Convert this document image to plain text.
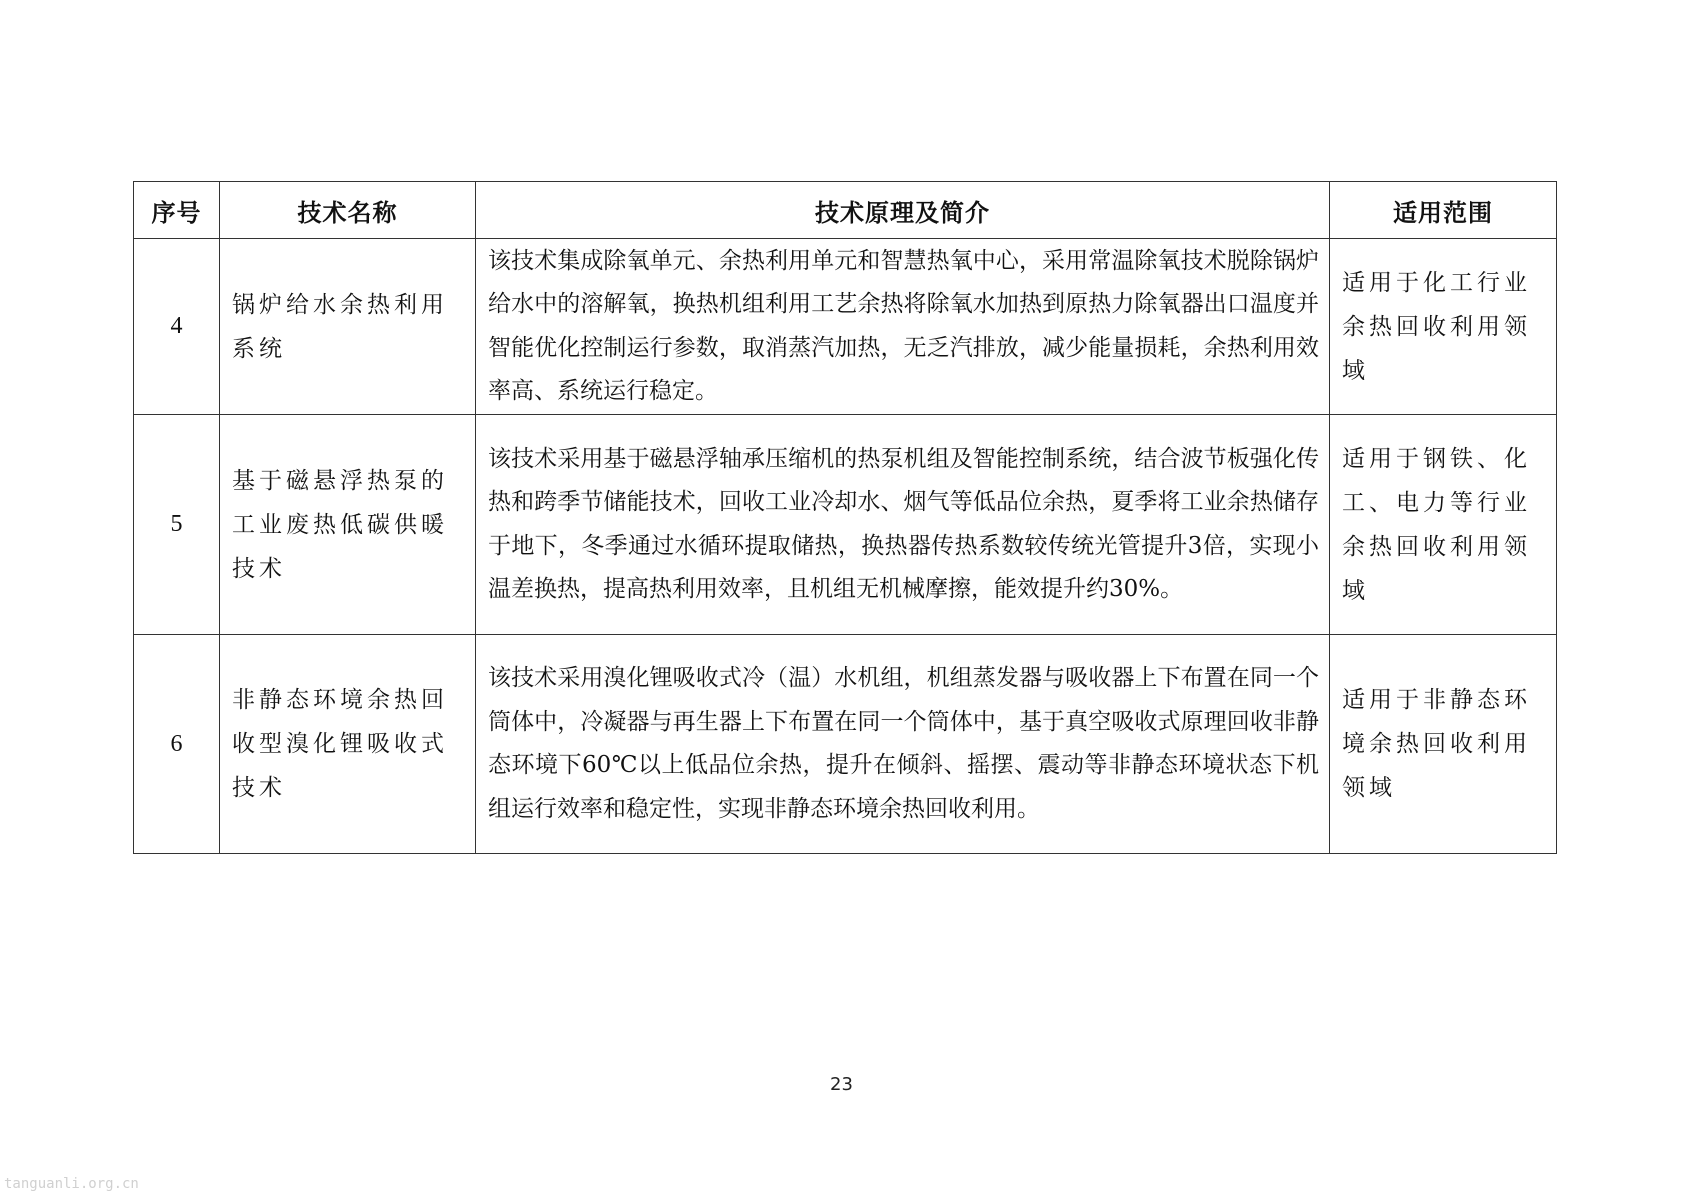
序号	技术名称	技术原理及简介	适用范围
4	锅炉给水余热利用系统	该技术集成除氧单元、余热利用单元和智慧热氧中心，采用常温除氧技术脱除锅炉给水中的溶解氧，换热机组利用工艺余热将除氧水加热到原热力除氧器出口温度并智能优化控制运行参数，取消蒸汽加热，无乏汽排放，减少能量损耗，余热利用效率高、系统运行稳定。	适用于化工行业余热回收利用领域
5	基于磁悬浮热泵的工业废热低碳供暖技术	该技术采用基于磁悬浮轴承压缩机的热泵机组及智能控制系统，结合波节板强化传热和跨季节储能技术，回收工业冷却水、烟气等低品位余热，夏季将工业余热储存于地下，冬季通过水循环提取储热，换热器传热系数较传统光管提升3倍，实现小温差换热，提高热利用效率，且机组无机械摩擦，能效提升约30%。	适用于钢铁、化工、电力等行业余热回收利用领域
6	非静态环境余热回收型溴化锂吸收式技术	该技术采用溴化锂吸收式冷（温）水机组，机组蒸发器与吸收器上下布置在同一个筒体中，冷凝器与再生器上下布置在同一个筒体中，基于真空吸收式原理回收非静态环境下60℃以上低品位余热，提升在倾斜、摇摆、震动等非静态环境状态下机组运行效率和稳定性，实现非静态环境余热回收利用。	适用于非静态环境余热回收利用领域
23
tanguanli.org.cn
